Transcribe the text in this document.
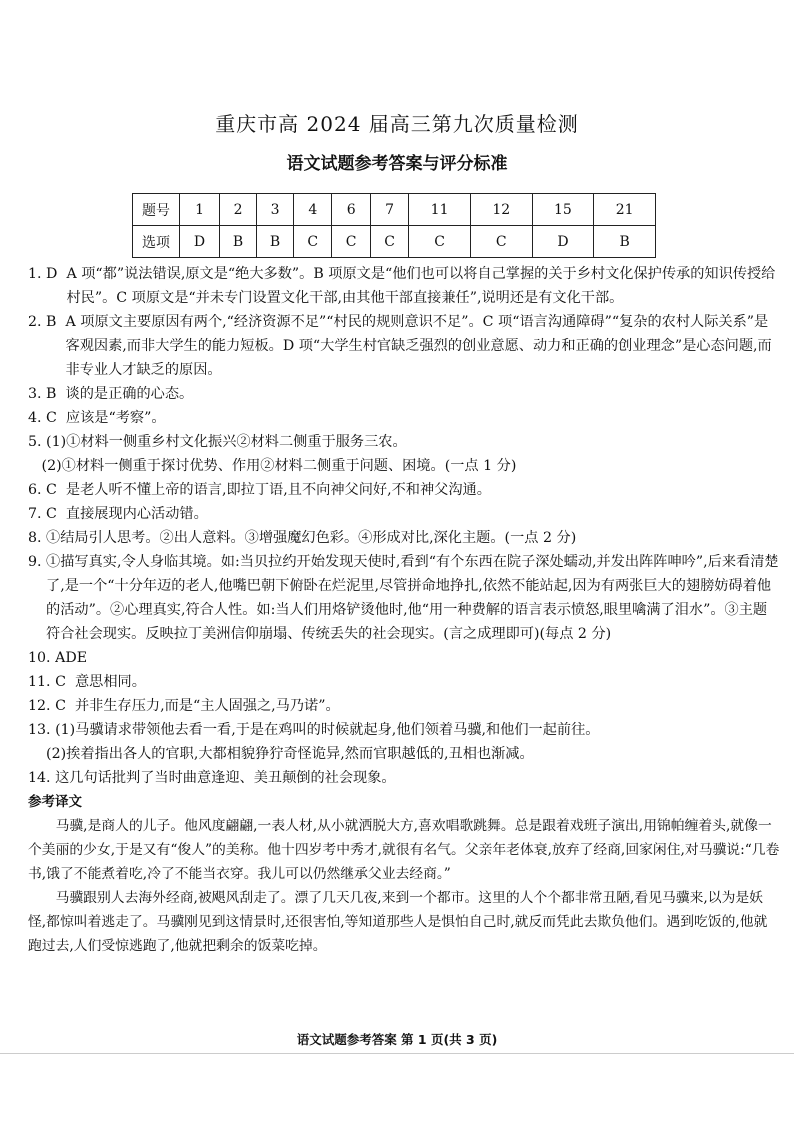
重庆市高 2024 届高三第九次质量检测
语文试题参考答案与评分标准
题号	1	2	3	4	6	7	11	12	15	21
选项	D	B	B	C	C	C	C	C	D	B
1. D A 项“都”说法错误,原文是“绝大多数”。B 项原文是“他们也可以将自己掌握的关于乡村文化保护传承的知识传授给村民”。C 项原文是“并未专门设置文化干部,由其他干部直接兼任”,说明还是有文化干部。
2. B A 项原文主要原因有两个,“经济资源不足”“村民的规则意识不足”。C 项“语言沟通障碍”“复杂的农村人际关系”是客观因素,而非大学生的能力短板。D 项“大学生村官缺乏强烈的创业意愿、动力和正确的创业理念”是心态问题,而非专业人才缺乏的原因。
3. B 谈的是正确的心态。
4. C 应该是“考察”。
5. (1)①材料一侧重乡村文化振兴②材料二侧重于服务三农。

(2)①材料一侧重于探讨优势、作用②材料二侧重于问题、困境。(一点 1 分)
6. C 是老人听不懂上帝的语言,即拉丁语,且不向神父问好,不和神父沟通。
7. C 直接展现内心活动错。
8. ①结局引人思考。②出人意料。③增强魔幻色彩。④形成对比,深化主题。(一点 2 分)
9. ①描写真实,令人身临其境。如:当贝拉约开始发现天使时,看到“有个东西在院子深处蠕动,并发出阵阵呻吟”,后来看清楚了,是一个“十分年迈的老人,他嘴巴朝下俯卧在烂泥里,尽管拼命地挣扎,依然不能站起,因为有两张巨大的翅膀妨碍着他的活动”。②心理真实,符合人性。如:当人们用烙铲烫他时,他“用一种费解的语言表示愤怒,眼里噙满了泪水”。③主题符合社会现实。反映拉丁美洲信仰崩塌、传统丢失的社会现实。(言之成理即可)(每点 2 分)
10. ADE
11. C 意思相同。
12. C 并非生存压力,而是“主人固强之,马乃诺”。
13. (1)马骥请求带领他去看一看,于是在鸡叫的时候就起身,他们领着马骥,和他们一起前往。

(2)挨着指出各人的官职,大都相貌狰狞奇怪诡异,然而官职越低的,丑相也渐减。
14. 这几句话批判了当时曲意逢迎、美丑颠倒的社会现象。
参考译文
马骥,是商人的儿子。他风度翩翩,一表人材,从小就洒脱大方,喜欢唱歌跳舞。总是跟着戏班子演出,用锦帕缠着头,就像一个美丽的少女,于是又有“俊人”的美称。他十四岁考中秀才,就很有名气。父亲年老体衰,放弃了经商,回家闲住,对马骥说:“几卷书,饿了不能煮着吃,冷了不能当衣穿。我儿可以仍然继承父业去经商。”
马骥跟别人去海外经商,被飓风刮走了。漂了几天几夜,来到一个都市。这里的人个个都非常丑陋,看见马骥来,以为是妖怪,都惊叫着逃走了。马骥刚见到这情景时,还很害怕,等知道那些人是惧怕自己时,就反而凭此去欺负他们。遇到吃饭的,他就跑过去,人们受惊逃跑了,他就把剩余的饭菜吃掉。
语文试题参考答案 第 1 页(共 3 页)
